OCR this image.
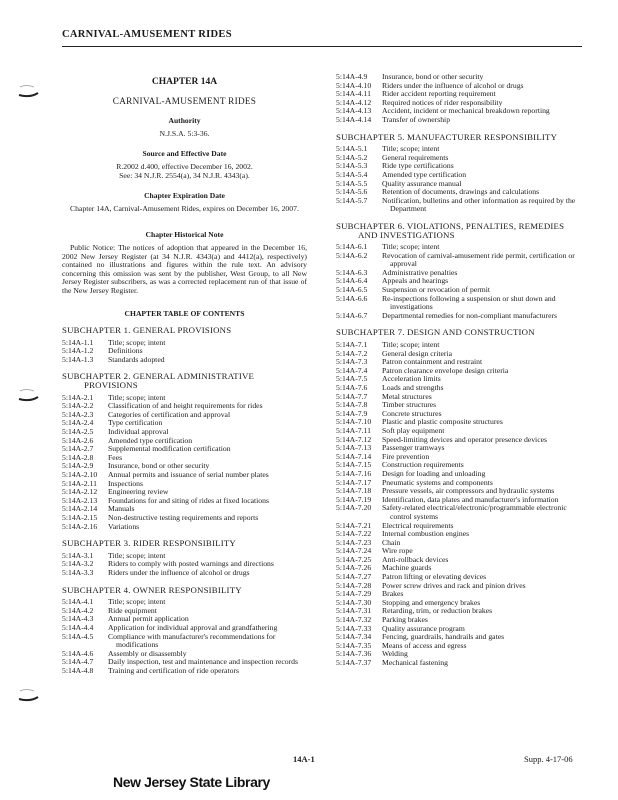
CARNIVAL-AMUSEMENT RIDES
CHAPTER 14A
CARNIVAL-AMUSEMENT RIDES
Authority
N.J.S.A. 5:3-36.
Source and Effective Date
R.2002 d.400, effective December 16, 2002.
See: 34 N.J.R. 2554(a), 34 N.J.R. 4343(a).
Chapter Expiration Date
Chapter 14A, Carnival-Amusement Rides, expires on December 16, 2007.
Chapter Historical Note
Public Notice: The notices of adoption that appeared in the December 16, 2002 New Jersey Register (at 34 N.J.R. 4343(a) and 4412(a), respectively) contained no illustrations and figures within the rule text. An advisory concerning this omission was sent by the publisher, West Group, to all New Jersey Register subscribers, as was a corrected replacement run of that issue of the New Jersey Register.
CHAPTER TABLE OF CONTENTS
SUBCHAPTER 1. GENERAL PROVISIONS
5:14A-1.1	Title; scope; intent
5:14A-1.2	Definitions
5:14A-1.3	Standards adopted
SUBCHAPTER 2. GENERAL ADMINISTRATIVE
PROVISIONS
5:14A-2.1	Title; scope; intent
5:14A-2.2	Classification of and height requirements for rides
5:14A-2.3	Categories of certification and approval
5:14A-2.4	Type certification
5:14A-2.5	Individual approval
5:14A-2.6	Amended type certification
5:14A-2.7	Supplemental modification certification
5:14A-2.8	Fees
5:14A-2.9	Insurance, bond or other security
5:14A-2.10	Annual permits and issuance of serial number plates
5:14A-2.11	Inspections
5:14A-2.12	Engineering review
5:14A-2.13	Foundations for and siting of rides at fixed locations
5:14A-2.14	Manuals
5:14A-2.15	Non-destructive testing requirements and reports
5:14A-2.16	Variations
SUBCHAPTER 3. RIDER RESPONSIBILITY
5:14A-3.1	Title; scope; intent
5:14A-3.2	Riders to comply with posted warnings and directions
5:14A-3.3	Riders under the influence of alcohol or drugs
SUBCHAPTER 4. OWNER RESPONSIBILITY
5:14A-4.1	Title; scope; intent
5:14A-4.2	Ride equipment
5:14A-4.3	Annual permit application
5:14A-4.4	Application for individual approval and grandfathering
5:14A-4.5	Compliance with manufacturer's recommendations for modifications
5:14A-4.6	Assembly or disassembly
5:14A-4.7	Daily inspection, test and maintenance and inspection records
5:14A-4.8	Training and certification of ride operators
5:14A-4.9	Insurance, bond or other security
5:14A-4.10	Riders under the influence of alcohol or drugs
5:14A-4.11	Rider accident reporting requirement
5:14A-4.12	Required notices of rider responsibility
5:14A-4.13	Accident, incident or mechanical breakdown reporting
5:14A-4.14	Transfer of ownership
SUBCHAPTER 5. MANUFACTURER RESPONSIBILITY
5:14A-5.1	Title; scope; intent
5:14A-5.2	General requirements
5:14A-5.3	Ride type certifications
5:14A-5.4	Amended type certification
5:14A-5.5	Quality assurance manual
5:14A-5.6	Retention of documents, drawings and calculations
5:14A-5.7	Notification, bulletins and other information as required by the Department
SUBCHAPTER 6. VIOLATIONS, PENALTIES, REMEDIES
AND INVESTIGATIONS
5:14A-6.1	Title; scope; intent
5:14A-6.2	Revocation of carnival-amusement ride permit, certification or approval
5:14A-6.3	Administrative penalties
5:14A-6.4	Appeals and hearings
5:14A-6.5	Suspension or revocation of permit
5:14A-6.6	Re-inspections following a suspension or shut down and investigations
5:14A-6.7	Departmental remedies for non-compliant manufacturers
SUBCHAPTER 7. DESIGN AND CONSTRUCTION
5:14A-7.1	Title; scope; intent
5:14A-7.2	General design criteria
5:14A-7.3	Patron containment and restraint
5:14A-7.4	Patron clearance envelope design criteria
5:14A-7.5	Acceleration limits
5:14A-7.6	Loads and strengths
5:14A-7.7	Metal structures
5:14A-7.8	Timber structures
5:14A-7.9	Concrete structures
5:14A-7.10	Plastic and plastic composite structures
5:14A-7.11	Soft play equipment
5:14A-7.12	Speed-limiting devices and operator presence devices
5:14A-7.13	Passenger tramways
5:14A-7.14	Fire prevention
5:14A-7.15	Construction requirements
5:14A-7.16	Design for loading and unloading
5:14A-7.17	Pneumatic systems and components
5:14A-7.18	Pressure vessels, air compressors and hydraulic systems
5:14A-7.19	Identification, data plates and manufacturer's information
5:14A-7.20	Safety-related electrical/electronic/programmable electronic control systems
5:14A-7.21	Electrical requirements
5:14A-7.22	Internal combustion engines
5:14A-7.23	Chain
5:14A-7.24	Wire rope
5:14A-7.25	Anti-rollback devices
5:14A-7.26	Machine guards
5:14A-7.27	Patron lifting or elevating devices
5:14A-7.28	Power screw drives and rack and pinion drives
5:14A-7.29	Brakes
5:14A-7.30	Stopping and emergency brakes
5:14A-7.31	Retarding, trim, or reduction brakes
5:14A-7.32	Parking brakes
5:14A-7.33	Quality assurance program
5:14A-7.34	Fencing, guardrails, handrails and gates
5:14A-7.35	Means of access and egress
5:14A-7.36	Welding
5:14A-7.37	Mechanical fastening
14A-1	Supp. 4-17-06
New Jersey State Library
